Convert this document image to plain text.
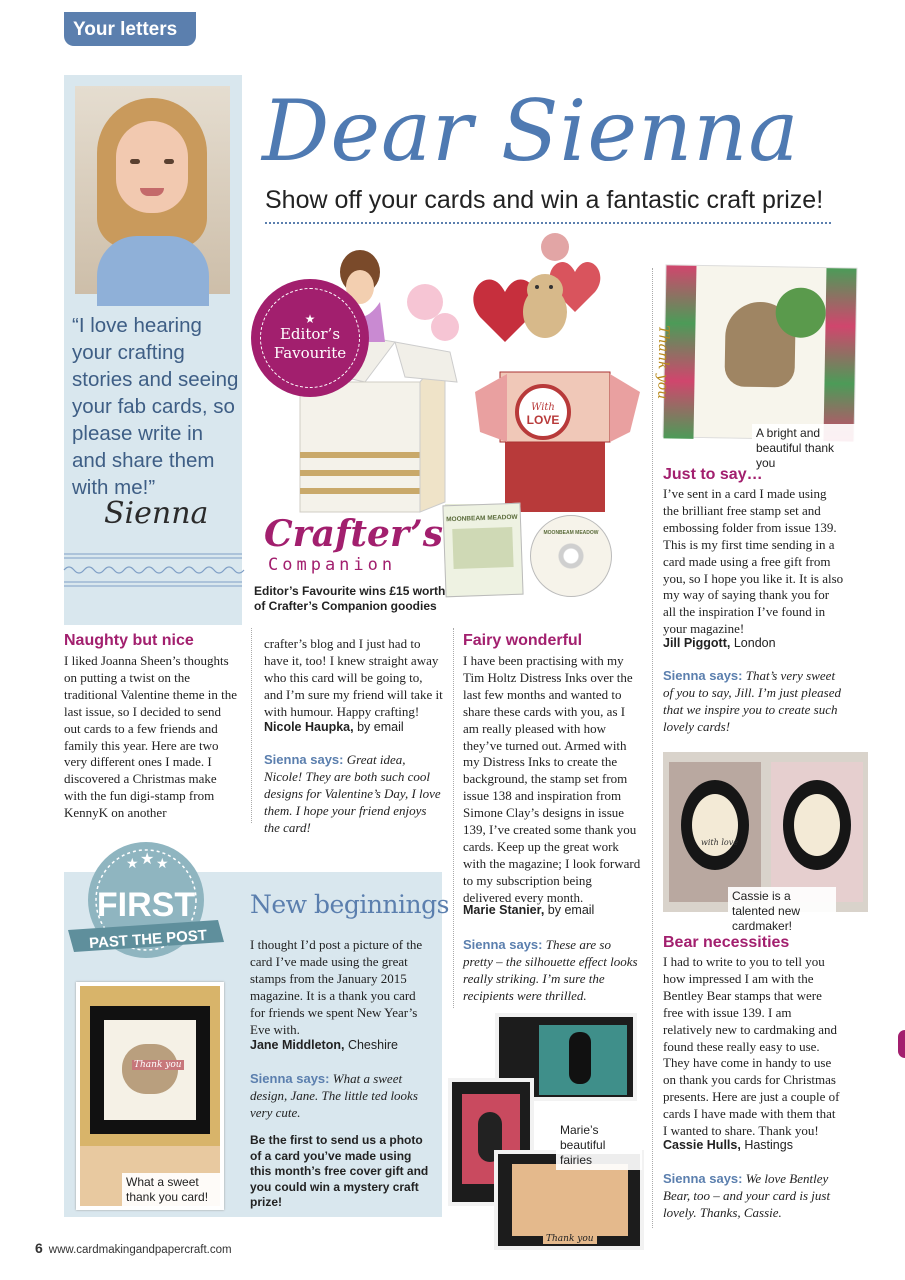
Your letters
“I love hearing your crafting stories and seeing your fab cards, so please write in and share them with me!”
Sienna
Dear Sienna
Show off your cards and win a fantastic craft prize!
With
LOVE
★
Editor’s
Favourite
MOONBEAM MEADOW
MOONBEAM MEADOW
Crafter’s
Companion
Editor’s Favourite wins £15 worth of Crafter’s Companion goodies
Thank you
A bright and beautiful thank you
Naughty but nice
I liked Joanna Sheen’s thoughts on putting a twist on the traditional Valentine theme in the last issue, so I decided to send out cards to a few friends and family this year. Here are two very different ones I made. I discovered a Christmas make with the fun digi-stamp from KennyK on another
crafter’s blog and I just had to have it, too! I knew straight away who this card will be going to, and I’m sure my friend will take it with humour. Happy crafting!
Nicole Haupka, by email
Sienna says: Great idea, Nicole! They are both such cool designs for Valentine’s Day, I love them. I hope your friend enjoys the card!
Fairy wonderful
I have been practising with my Tim Holtz Distress Inks over the last few months and wanted to share these cards with you, as I am really pleased with how they’ve turned out. Armed with my Distress Inks to create the background, the stamp set from issue 138 and inspiration from Simone Clay’s designs in issue 139, I’ve created some thank you cards. Keep up the great work with the magazine; I look forward to my subscription being delivered every month.
Marie Stanier, by email
Sienna says: These are so pretty – the silhouette effect looks really striking. I’m sure the recipients were thrilled.
Thank you
Marie’s beautiful fairies
Just to say…
I’ve sent in a card I made using the brilliant free stamp set and embossing folder from issue 139. This is my first time sending in a card made using a free gift from you, so I hope you like it. It is also my way of saying thank you for all the inspiration I’ve found in your magazine!
Jill Piggott, London
Sienna says: That’s very sweet of you to say, Jill. I’m just pleased that we inspire you to create such lovely cards!
with love
Cassie is a talented new cardmaker!
Bear necessities
I had to write to you to tell you how impressed I am with the Bentley Bear stamps that were free with issue 139. I am relatively new to cardmaking and found these really easy to use. They have come in handy to use on thank you cards for Christmas presents. Here are just a couple of cards I have made with them that I wanted to share. Thank you!
Cassie Hulls, Hastings
Sienna says: We love Bentley Bear, too – and your card is just lovely. Thanks, Cassie.
★ ★ ★
FIRST
PAST THE POST
Thank you
What a sweet thank you card!
New beginnings
I thought I’d post a picture of the card I’ve made using the great stamps from the January 2015 magazine. It is a thank you card for friends we spent New Year’s Eve with.
Jane Middleton, Cheshire
Sienna says: What a sweet design, Jane. The little ted looks very cute.
Be the first to send us a photo of a card you’ve made using this month’s free cover gift and you could win a mystery craft prize!
6 www.cardmakingandpapercraft.com
